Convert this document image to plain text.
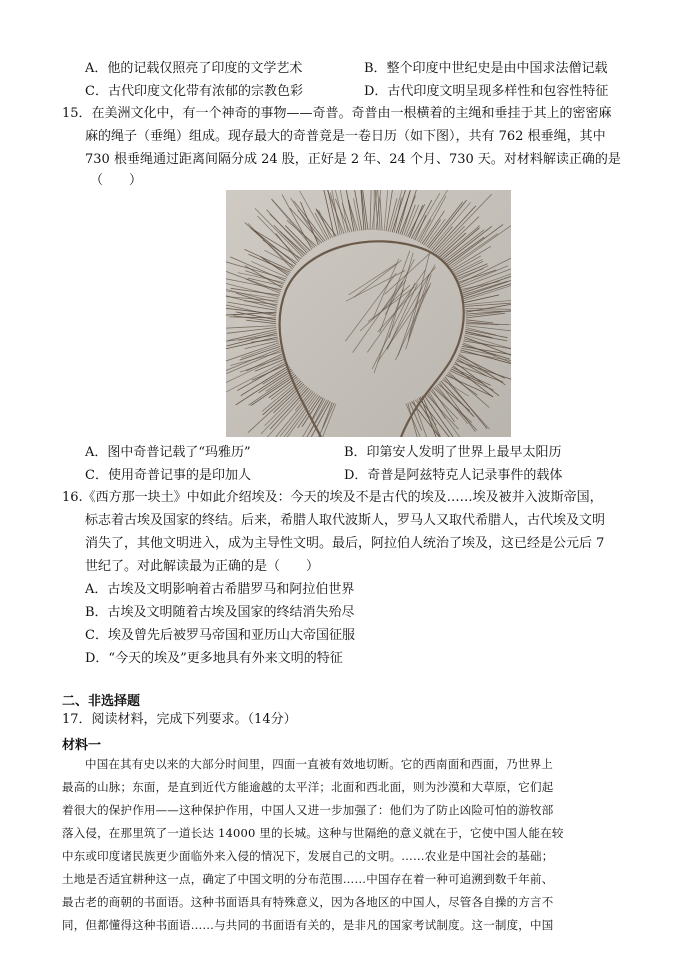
A．他的记载仅照亮了印度的文学艺术	B．整个印度中世纪史是由中国求法僧记载
C．古代印度文化带有浓郁的宗教色彩	D．古代印度文明呈现多样性和包容性特征
15．在美洲文化中，有一个神奇的事物——奇普。奇普由一根横着的主绳和垂挂于其上的密密麻
麻的绳子（垂绳）组成。现存最大的奇普竟是一卷日历（如下图），共有 762 根垂绳，其中
730 根垂绳通过距离间隔分成 24 股，正好是 2 年、24 个月、730 天。对材料解读正确的是
（　　）
A．图中奇普记载了“玛雅历”	B．印第安人发明了世界上最早太阳历
C．使用奇普记事的是印加人	D．奇普是阿兹特克人记录事件的载体
16.《西方那一块土》中如此介绍埃及：今天的埃及不是古代的埃及……埃及被并入波斯帝国，
标志着古埃及国家的终结。后来，希腊人取代波斯人，罗马人又取代希腊人，古代埃及文明
消失了，其他文明进入，成为主导性文明。最后，阿拉伯人统治了埃及，这已经是公元后 7
世纪了。对此解读最为正确的是（　　）
A．古埃及文明影响着古希腊罗马和阿拉伯世界
B．古埃及文明随着古埃及国家的终结消失殆尽
C．埃及曾先后被罗马帝国和亚历山大帝国征服
D．“今天的埃及”更多地具有外来文明的特征
二、非选择题
17．阅读材料，完成下列要求。（14分）
材料一
中国在其有史以来的大部分时间里，四面一直被有效地切断。它的西南面和西面，乃世界上
最高的山脉；东面，是直到近代方能逾越的太平洋；北面和西北面，则为沙漠和大草原，它们起
着很大的保护作用——这种保护作用，中国人又进一步加强了：他们为了防止凶险可怕的游牧部
落入侵，在那里筑了一道长达 14000 里的长城。这种与世隔绝的意义就在于，它使中国人能在较
中东或印度诸民族更少面临外来入侵的情况下，发展自己的文明。……农业是中国社会的基础；
土地是否适宜耕种这一点，确定了中国文明的分布范围……中国存在着一种可追溯到数千年前、
最古老的商朝的书面语。这种书面语具有特殊意义，因为各地区的中国人，尽管各自操的方言不
同，但都懂得这种书面语……与共同的书面语有关的，是非凡的国家考试制度。这一制度，中国
